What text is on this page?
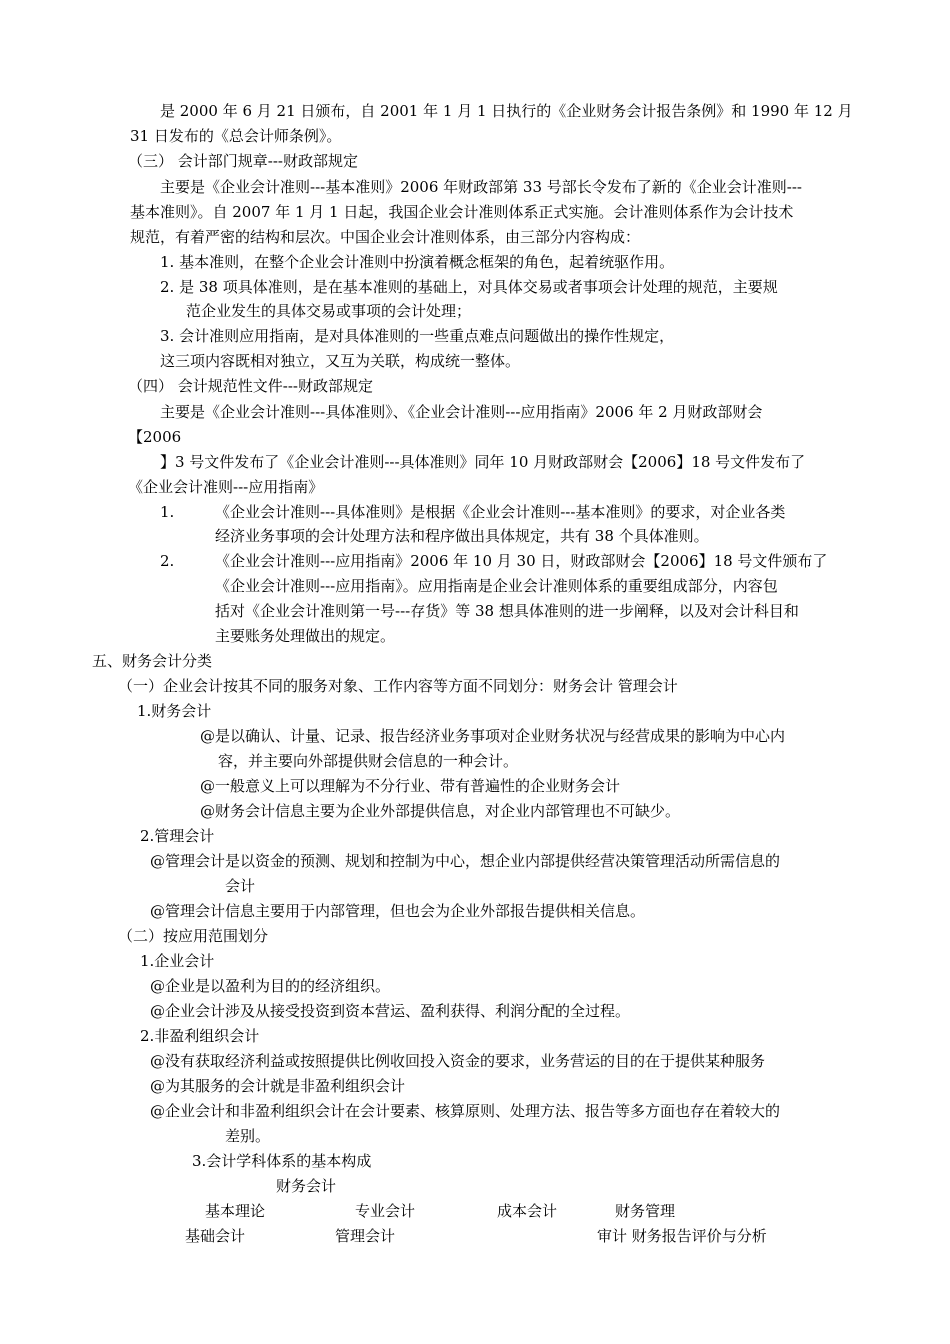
是 2000 年 6 月 21 日颁布，自 2001 年 1 月 1 日执行的《企业财务会计报告条例》和 1990 年 12 月
31 日发布的《总会计师条例》。
（三） 会计部门规章---财政部规定
主要是《企业会计准则---基本准则》2006 年财政部第 33 号部长令发布了新的《企业会计准则---
基本准则》。自 2007 年 1 月 1 日起，我国企业会计准则体系正式实施。会计准则体系作为会计技术
规范，有着严密的结构和层次。中国企业会计准则体系，由三部分内容构成：
1. 基本准则，在整个企业会计准则中扮演着概念框架的角色，起着统驱作用。
2. 是 38 项具体准则，是在基本准则的基础上，对具体交易或者事项会计处理的规范，主要规
范企业发生的具体交易或事项的会计处理；
3. 会计准则应用指南，是对具体准则的一些重点难点问题做出的操作性规定，
这三项内容既相对独立，又互为关联，构成统一整体。
（四） 会计规范性文件---财政部规定
主要是《企业会计准则---具体准则》、《企业会计准则---应用指南》2006 年 2 月财政部财会
【2006
】3 号文件发布了《企业会计准则---具体准则》同年 10 月财政部财会【2006】18 号文件发布了
《企业会计准则---应用指南》
1.	《企业会计准则---具体准则》是根据《企业会计准则---基本准则》的要求，对企业各类
经济业务事项的会计处理方法和程序做出具体规定，共有 38 个具体准则。
2.	《企业会计准则---应用指南》2006 年 10 月 30 日，财政部财会【2006】18 号文件颁布了
《企业会计准则---应用指南》。应用指南是企业会计准则体系的重要组成部分，内容包
括对《企业会计准则第一号---存货》等 38 想具体准则的进一步阐释，以及对会计科目和
主要账务处理做出的规定。
五、财务会计分类
（一）企业会计按其不同的服务对象、工作内容等方面不同划分：财务会计 管理会计
1.财务会计
@是以确认、计量、记录、报告经济业务事项对企业财务状况与经营成果的影响为中心内
容，并主要向外部提供财会信息的一种会计。
@一般意义上可以理解为不分行业、带有普遍性的企业财务会计
@财务会计信息主要为企业外部提供信息，对企业内部管理也不可缺少。
2.管理会计
@管理会计是以资金的预测、规划和控制为中心，想企业内部提供经营决策管理活动所需信息的
会计
@管理会计信息主要用于内部管理，但也会为企业外部报告提供相关信息。
（二）按应用范围划分
1.企业会计
@企业是以盈利为目的的经济组织。
@企业会计涉及从接受投资到资本营运、盈利获得、利润分配的全过程。
2.非盈利组织会计
@没有获取经济利益或按照提供比例收回投入资金的要求，业务营运的目的在于提供某种服务
@为其服务的会计就是非盈利组织会计
@企业会计和非盈利组织会计在会计要素、核算原则、处理方法、报告等多方面也存在着较大的
差别。
3.会计学科体系的基本构成
财务会计
基本理论	专业会计	成本会计	财务管理
基础会计	管理会计	审计 财务报告评价与分析
